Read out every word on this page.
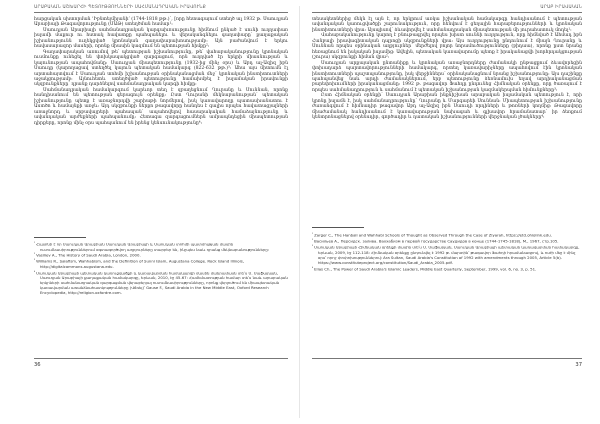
ԱՐԱԲԱԿԱՆ ԱՇԽԱՐՀԻ ՊԵՏՈՒԹՅՈՒՆՆԵՐԻ ՍԱՀՄԱՆԱԴՐԱԿԱՆ ԻՐԱՎՈՒՆՔ

հարցական սխտորման ՙԻբնտեյմիյանի՚ (1744-1818 թթ.)՝, [որը հետագայում ստեղծ ալ 1932 թ. Սաուդյան Արաբիայի Թագավորությունը (ՍԱԹ) ստեղծման համար¹:

Սաուդյան Արաբիայի սահմանադրական կարգախոսությունը հիմնում ընկած է սունի ուղղափառ իսլամի մաքուր ու հստակ հավատքը պահպանելու և վերականգնելու գաղափարը՝ քաղաքական իշխանությունն ուղեկցված կրոնական գաղափարախոսությամբ: Այն բաժանվում է երկու հավասարազոր մասերի, որոնք միասին կազմում են պետության հիմքը²:

Գաղափարական առումով թե՛ պետության իշխանությունը, թե՛ վահաբականությունը կրոնական ուսմունքը ունեցել են փոխկապակցված զարգացում, որն ուղղված էր երկրի միասնության և կայունության ապահովմանը: Սաուդյան միապետությունը (1932-ից մինչ օրս) և Աբդ ալ-Ազիզ իբն Սաուդը (կարողացավ ստեղծել կայուն պետական համակարգ (822-632 թթ.)³: Ահա այս միտումն էլ արտահայտվում է Սաուդյան տոհմի իշխանության օրինականացման մեջ՝ կրոնական ինստիտուտների աջակցությամբ: Այնուհետև ստեղծված պետությունը համախմբել է իսլամական իրավունքի սկզբունքները՝ դրանք դարձնելով սահմանադրական կարգի հիմքը:

Սահմանադրական համակարգում կարևոր տեղ է զբաղեցնում Ղուրանը և Սուննան, որոնք հանդիսանում են պետության գերագույն օրենքը: Ըստ Ղուրանի մեկնաբանության՝ պետական իշխանությունը պետք է առաջնորդվի շարիաթի նորմերով, իսկ կառավարողը պատասխանատու է Աստծո և համայնքի առջև: Այդ սկզբունքի ներքո թագավորը հանդես է գալիս որպես հավատացյալների առաջնորդ և սրբավայրերի պահապան՝ ապահովելով հասարակական համաձայնությունը և ավանդական արժեքների պահպանումը: Հետագա զարգացումներն ամրապնդեցին միապետության դիրքերը, որոնք մինչ օրս պահպանում են իրենց կենսունակությունը⁴:

$^{^1}$Հայտնի է որ Սաուդյան Արաբիան Սաուդյան Արաբիայի և Սաուդյան տոհմի պատմության մասին ուսումնասիրություններում օգտագործվող աղբյուրները տարբեր են, ինչպես նաև դրանց մեկնաբանությունները:

$^{^2}$Vasiliev A., The History of Saudi Arabia, London, 2000.

$^{^3}$Williams R., Salafism, Wahhabism, and the Definition of Sunni Islam, Augustana College. Rock Island Illinois, http://digitalcommons.augustana.edu.

$^{^4}$Սաուդյան Արաբիայի պետական կառուցվածքի և կառավարման համակարգի մասին մանրամասն տե՛ս Ս. Սաֆարյան, Սաուդյան Արաբիայի քաղաքական համակարգը, Երևան, 2010, էջ 45-67: Համեմատության համար տե՛ս նաև արաբական երկրների սահմանադրական զարգացման վերաբերյալ ուսումնասիրությունները, որոնք վերլուծում են միապետական կառավարման առանձնահատկությունները (Վճռել)՝ Gause F., Saudi Arabia in the New Middle East, Oxford Research Encyclopedia, http://religion.oxfordre.com.

36
ԱՐԱԲ ԻՐԱՎԱԿԱՆ

տեսակետներից մեկն էլ այն է, որ երկրում առկա իշխանական համակարգը հանդիսանում է պետության ավանդական կառուցվածքի շարունակություն, որը հենվում է ցեղային հարաբերությունների և կրոնական ինստիտուտների վրա: Այսպիսով՝ ձևավորվել է սահմանադրական միապետության մի յուրահատուկ մոդել¹:

Վահաբականությունը կարող է բնութագրվել որպես խիստ սուննի ուղղություն, որը հիմնված է Ահմադ իբն Հանբալի իրավագիտական դպրոցի սկզբունքների վրա: Այս ուղղությունը ընդունում է միայն Ղուրանը և Սուննան որպես օրինական աղբյուրներ՝ մերժելով բոլոր նորամուծությունները (բիդաա), որոնք ըստ նրանց հեռացնում են իսկական իսլամից: Ավելին, պետական կառավարումը պետք է իրականացվի խորհրդակցության (շուրա) սկզբունքի հիման վրա²:

Սաուդյան արքայական ընտանիքը և կրոնական առաջնորդները ժամանակի ընթացքում ձևավորեցին փոխադարձ պարտավորությունների համակարգ, որտեղ կառավարիչները ապահովում էին կրոնական ինստիտուտների պաշտպանությունը, իսկ վերջիններս՝ օրինականացնում նրանց իշխանությունը: Այս դաշինքը պահպանվեց նաև արդի ժամանակներում, երբ պետությունը ձեռնամուխ եղավ արդիականացման բարեփոխումների իրականացմանը: 1992 թ. թագավոր Ֆահդը ընդունեց Հիմնական օրենքը, որը ծառայում է որպես սահմանադրություն և սահմանում է պետական իշխանության կազմակերպման հիմունքները³:

Ըստ Հիմնական օրենքի՝ Սաուդյան Արաբիան ինքնիշխան արաբական իսլամական պետություն է, որի կրոնը իսլամն է, իսկ սահմանադրությունը՝ Ղուրանը և Մարգարեի Սուննան: Միապետության իշխանությունը ժառանգվում է հիմնադիր թագավոր Աբդ ալ-Ազիզ իբն Սաուդի որդիների և թոռների կողմից: Թագավորը միաժամանակ հանդիսանում է կառավարության նախագահ և գլխավոր հրամանատար՝ իր ձեռքում կենտրոնացնելով օրենսդիր, գործադիր և դատական իշխանությունների վերջնական լծակները⁴:

$^{^1}$Zarger C., The Hanbali and Wahhabi Schools of Thought as Observed Through the Case of Ziyarah, https://etd.ohiolink.edu.

$^{^2}$Васильев А., Персидск. залива. Ваххабизм в первой государстве Саудидов в конце (1744-1745-1818), М., 1967, стр.105.

$^{^3}$Սաուդյան Արաբիայի Հիմնական օրենքի մասին տե՛ս Ս. Սաֆարյան, Սաուդյան Արաբիայի պետական կառավարման համակարգը, Երևան, 2009, էջ 112-118: Հիմնական օրենքը ընդունվել է 1992 թ. մարտին՝ թագավոր Ֆահդի հրամանագրով, և ուժի մեջ է մինչ օրս՝ որոշ փոփոխություններով: Ara Sultan, Saudi Arabia's Constitution of 1992 with amendments through 2005, Article 5(b). https://www.constituteproject.org/constitution/Saudi_Arabia_2005.pdf.

$^{^4}$Elias Ch., The Power of Saudi Arabia's Islamic Leaders, Middle East Quarterly, September, 1999, vol. 6, no. 3, p. 51.

37
